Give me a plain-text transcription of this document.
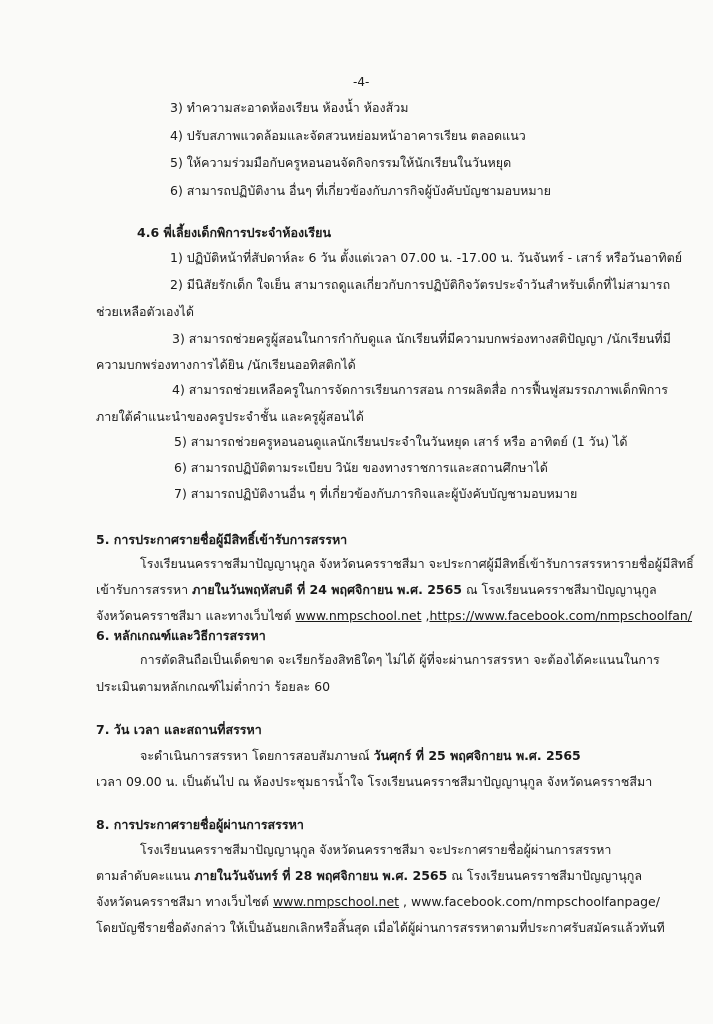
-4-
3) ทำความสะอาดห้องเรียน ห้องน้ำ ห้องส้วม
4) ปรับสภาพแวดล้อมและจัดสวนหย่อมหน้าอาคารเรียน ตลอดแนว
5) ให้ความร่วมมือกับครูหอนอนจัดกิจกรรมให้นักเรียนในวันหยุด
6) สามารถปฏิบัติงาน อื่นๆ ที่เกี่ยวข้องกับภารกิจผู้บังคับบัญชามอบหมาย
4.6 พี่เลี้ยงเด็กพิการประจำห้องเรียน
1) ปฏิบัติหน้าที่สัปดาห์ละ 6 วัน ตั้งแต่เวลา 07.00 น. -17.00 น. วันจันทร์ - เสาร์ หรือวันอาทิตย์
2) มีนิสัยรักเด็ก ใจเย็น สามารถดูแลเกี่ยวกับการปฏิบัติกิจวัตรประจำวันสำหรับเด็กที่ไม่สามารถ
ช่วยเหลือตัวเองได้
3) สามารถช่วยครูผู้สอนในการกำกับดูแล นักเรียนที่มีความบกพร่องทางสติปัญญา /นักเรียนที่มี
ความบกพร่องทางการได้ยิน /นักเรียนออทิสติกได้
4) สามารถช่วยเหลือครูในการจัดการเรียนการสอน การผลิตสื่อ การฟื้นฟูสมรรถภาพเด็กพิการ
ภายใต้คำแนะนำของครูประจำชั้น และครูผู้สอนได้
5) สามารถช่วยครูหอนอนดูแลนักเรียนประจำในวันหยุด เสาร์ หรือ อาทิตย์ (1 วัน) ได้
6) สามารถปฏิบัติตามระเบียบ วินัย ของทางราชการและสถานศึกษาได้
7) สามารถปฏิบัติงานอื่น ๆ ที่เกี่ยวข้องกับภารกิจและผู้บังคับบัญชามอบหมาย
5. การประกาศรายชื่อผู้มีสิทธิ์เข้ารับการสรรหา
โรงเรียนนครราชสีมาปัญญานุกูล จังหวัดนครราชสีมา จะประกาศผู้มีสิทธิ์เข้ารับการสรรหารายชื่อผู้มีสิทธิ์
เข้ารับการสรรหา ภายในวันพฤหัสบดี ที่ 24 พฤศจิกายน พ.ศ. 2565 ณ โรงเรียนนครราชสีมาปัญญานุกูล
จังหวัดนครราชสีมา และทางเว็บไซต์ www.nmpschool.net ,https://www.facebook.com/nmpschoolfan/
6. หลักเกณฑ์และวิธีการสรรหา
การตัดสินถือเป็นเด็ดขาด จะเรียกร้องสิทธิใดๆ ไม่ได้ ผู้ที่จะผ่านการสรรหา จะต้องได้คะแนนในการ
ประเมินตามหลักเกณฑ์ไม่ต่ำกว่า ร้อยละ 60
7. วัน เวลา และสถานที่สรรหา
จะดำเนินการสรรหา โดยการสอบสัมภาษณ์ วันศุกร์ ที่ 25 พฤศจิกายน พ.ศ. 2565
เวลา 09.00 น. เป็นต้นไป ณ ห้องประชุมธารน้ำใจ โรงเรียนนครราชสีมาปัญญานุกูล จังหวัดนครราชสีมา
8. การประกาศรายชื่อผู้ผ่านการสรรหา
โรงเรียนนครราชสีมาปัญญานุกูล จังหวัดนครราชสีมา จะประกาศรายชื่อผู้ผ่านการสรรหา
ตามลำดับคะแนน ภายในวันจันทร์ ที่ 28 พฤศจิกายน พ.ศ. 2565 ณ โรงเรียนนครราชสีมาปัญญานุกูล
จังหวัดนครราชสีมา ทางเว็บไซต์ www.nmpschool.net , www.facebook.com/nmpschoolfanpage/
โดยบัญชีรายชื่อดังกล่าว ให้เป็นอันยกเลิกหรือสิ้นสุด เมื่อได้ผู้ผ่านการสรรหาตามที่ประกาศรับสมัครแล้วทันที
